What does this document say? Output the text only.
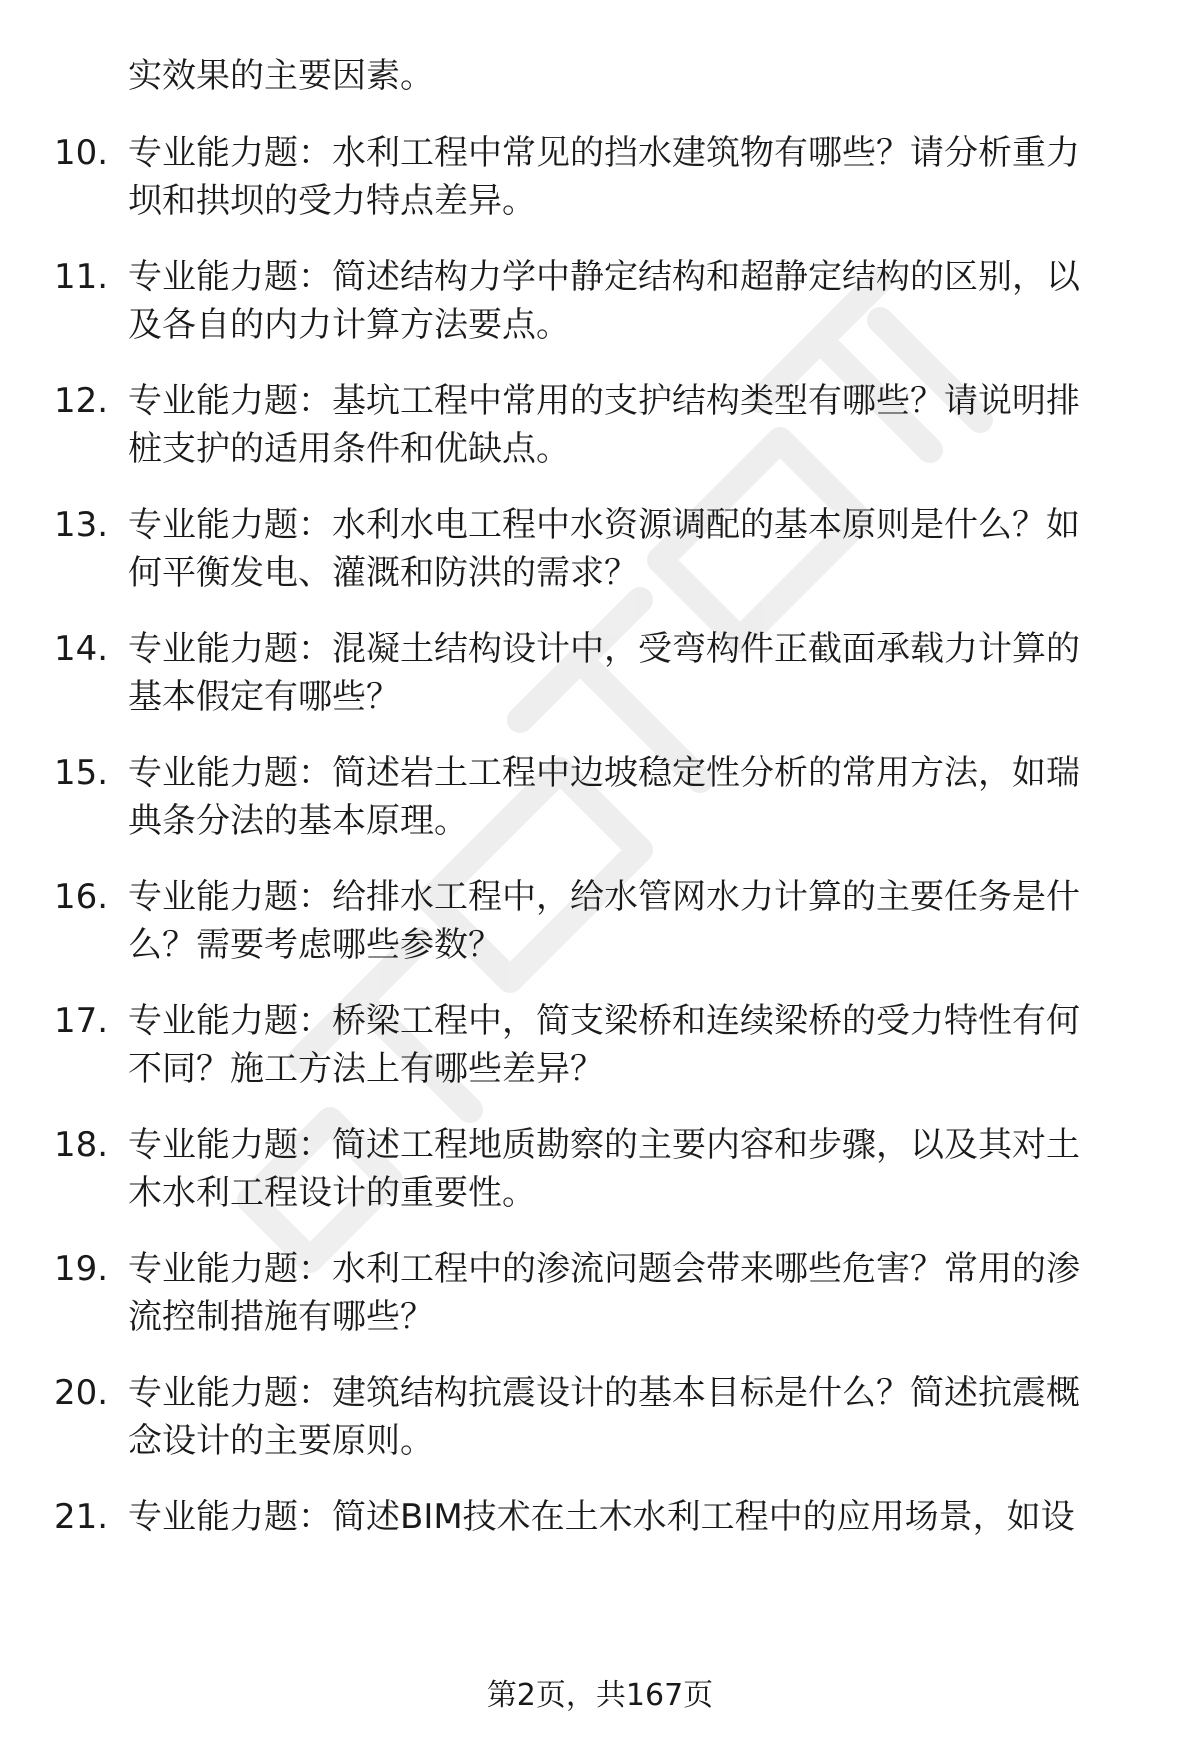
实效果的主要因素。
10. 专业能力题：水利工程中常见的挡水建筑物有哪些？请分析重力
坝和拱坝的受力特点差异。
11. 专业能力题：简述结构力学中静定结构和超静定结构的区别，以
及各自的内力计算方法要点。
12. 专业能力题：基坑工程中常用的支护结构类型有哪些？请说明排
桩支护的适用条件和优缺点。
13. 专业能力题：水利水电工程中水资源调配的基本原则是什么？如
何平衡发电、灌溉和防洪的需求？
14. 专业能力题：混凝土结构设计中，受弯构件正截面承载力计算的
基本假定有哪些？
15. 专业能力题：简述岩土工程中边坡稳定性分析的常用方法，如瑞
典条分法的基本原理。
16. 专业能力题：给排水工程中，给水管网水力计算的主要任务是什
么？需要考虑哪些参数？
17. 专业能力题：桥梁工程中，简支梁桥和连续梁桥的受力特性有何
不同？施工方法上有哪些差异？
18. 专业能力题：简述工程地质勘察的主要内容和步骤，以及其对土
木水利工程设计的重要性。
19. 专业能力题：水利工程中的渗流问题会带来哪些危害？常用的渗
流控制措施有哪些？
20. 专业能力题：建筑结构抗震设计的基本目标是什么？简述抗震概
念设计的主要原则。
21. 专业能力题：简述BIM技术在土木水利工程中的应用场景，如设
第2页，共167页
